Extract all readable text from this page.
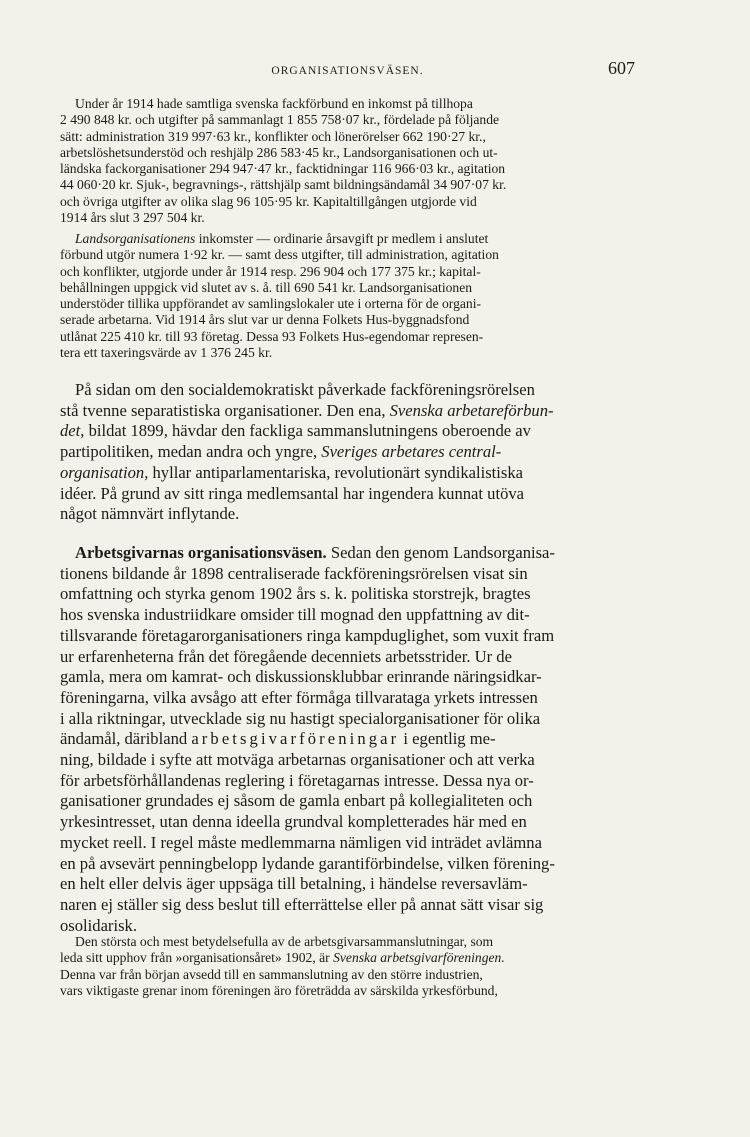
ORGANISATIONSVÄSEN.	607
Under år 1914 hade samtliga svenska fackförbund en inkomst på tillhopa
2 490 848 kr. och utgifter på sammanlagt 1 855 758·07 kr., fördelade på följande
sätt: administration 319 997·63 kr., konflikter och lönerörelser 662 190·27 kr.,
arbetslöshetsunderstöd och reshjälp 286 583·45 kr., Landsorganisationen och ut-
ländska fackorganisationer 294 947·47 kr., facktidningar 116 966·03 kr., agitation
44 060·20 kr. Sjuk-, begravnings-, rättshjälp samt bildningsändamål 34 907·07 kr.
och övriga utgifter av olika slag 96 105·95 kr. Kapitaltillgången utgjorde vid
1914 års slut 3 297 504 kr.
Landsorganisationens inkomster — ordinarie årsavgift pr medlem i anslutet
förbund utgör numera 1·92 kr. — samt dess utgifter, till administration, agitation
och konflikter, utgjorde under år 1914 resp. 296 904 och 177 375 kr.; kapital-
behållningen uppgick vid slutet av s. å. till 690 541 kr. Landsorganisationen
understöder tillika uppförandet av samlingslokaler ute i orterna för de organi-
serade arbetarna. Vid 1914 års slut var ur denna Folkets Hus-byggnadsfond
utlånat 225 410 kr. till 93 företag. Dessa 93 Folkets Hus-egendomar represen-
tera ett taxeringsvärde av 1 376 245 kr.
På sidan om den socialdemokratiskt påverkade fackföreningsrörelsen
stå tvenne separatistiska organisationer. Den ena, Svenska arbetareförbun-
det, bildat 1899, hävdar den fackliga sammanslutningens oberoende av
partipolitiken, medan andra och yngre, Sveriges arbetares central-
organisation, hyllar antiparlamentariska, revolutionärt syndikalistiska
idéer. På grund av sitt ringa medlemsantal har ingendera kunnat utöva
något nämnvärt inflytande.
Arbetsgivarnas organisationsväsen. Sedan den genom Landsorganisa-
tionens bildande år 1898 centraliserade fackföreningsrörelsen visat sin
omfattning och styrka genom 1902 års s. k. politiska storstrejk, bragtes
hos svenska industriidkare omsider till mognad den uppfattning av dit-
tillsvarande företagarorganisationers ringa kampduglighet, som vuxit fram
ur erfarenheterna från det föregående decenniets arbetsstrider. Ur de
gamla, mera om kamrat- och diskussionsklubbar erinrande näringsidkar-
föreningarna, vilka avsågo att efter förmåga tillvarataga yrkets intressen
i alla riktningar, utvecklade sig nu hastigt specialorganisationer för olika
ändamål, däribland arbetsgivarföreningar i egentlig me-
ning, bildade i syfte att motväga arbetarnas organisationer och att verka
för arbetsförhållandenas reglering i företagarnas intresse. Dessa nya or-
ganisationer grundades ej såsom de gamla enbart på kollegialiteten och
yrkesintresset, utan denna ideella grundval kompletterades här med en
mycket reell. I regel måste medlemmarna nämligen vid inträdet avlämna
en på avsevärt penningbelopp lydande garantiförbindelse, vilken förening-
en helt eller delvis äger uppsäga till betalning, i händelse reversavläm-
naren ej ställer sig dess beslut till efterrättelse eller på annat sätt visar sig
osolidarisk.
Den största och mest betydelsefulla av de arbetsgivarsammanslutningar, som
leda sitt upphov från »organisationsåret» 1902, är Svenska arbetsgivarföreningen.
Denna var från början avsedd till en sammanslutning av den större industrien,
vars viktigaste grenar inom föreningen äro företrädda av särskilda yrkesförbund,
